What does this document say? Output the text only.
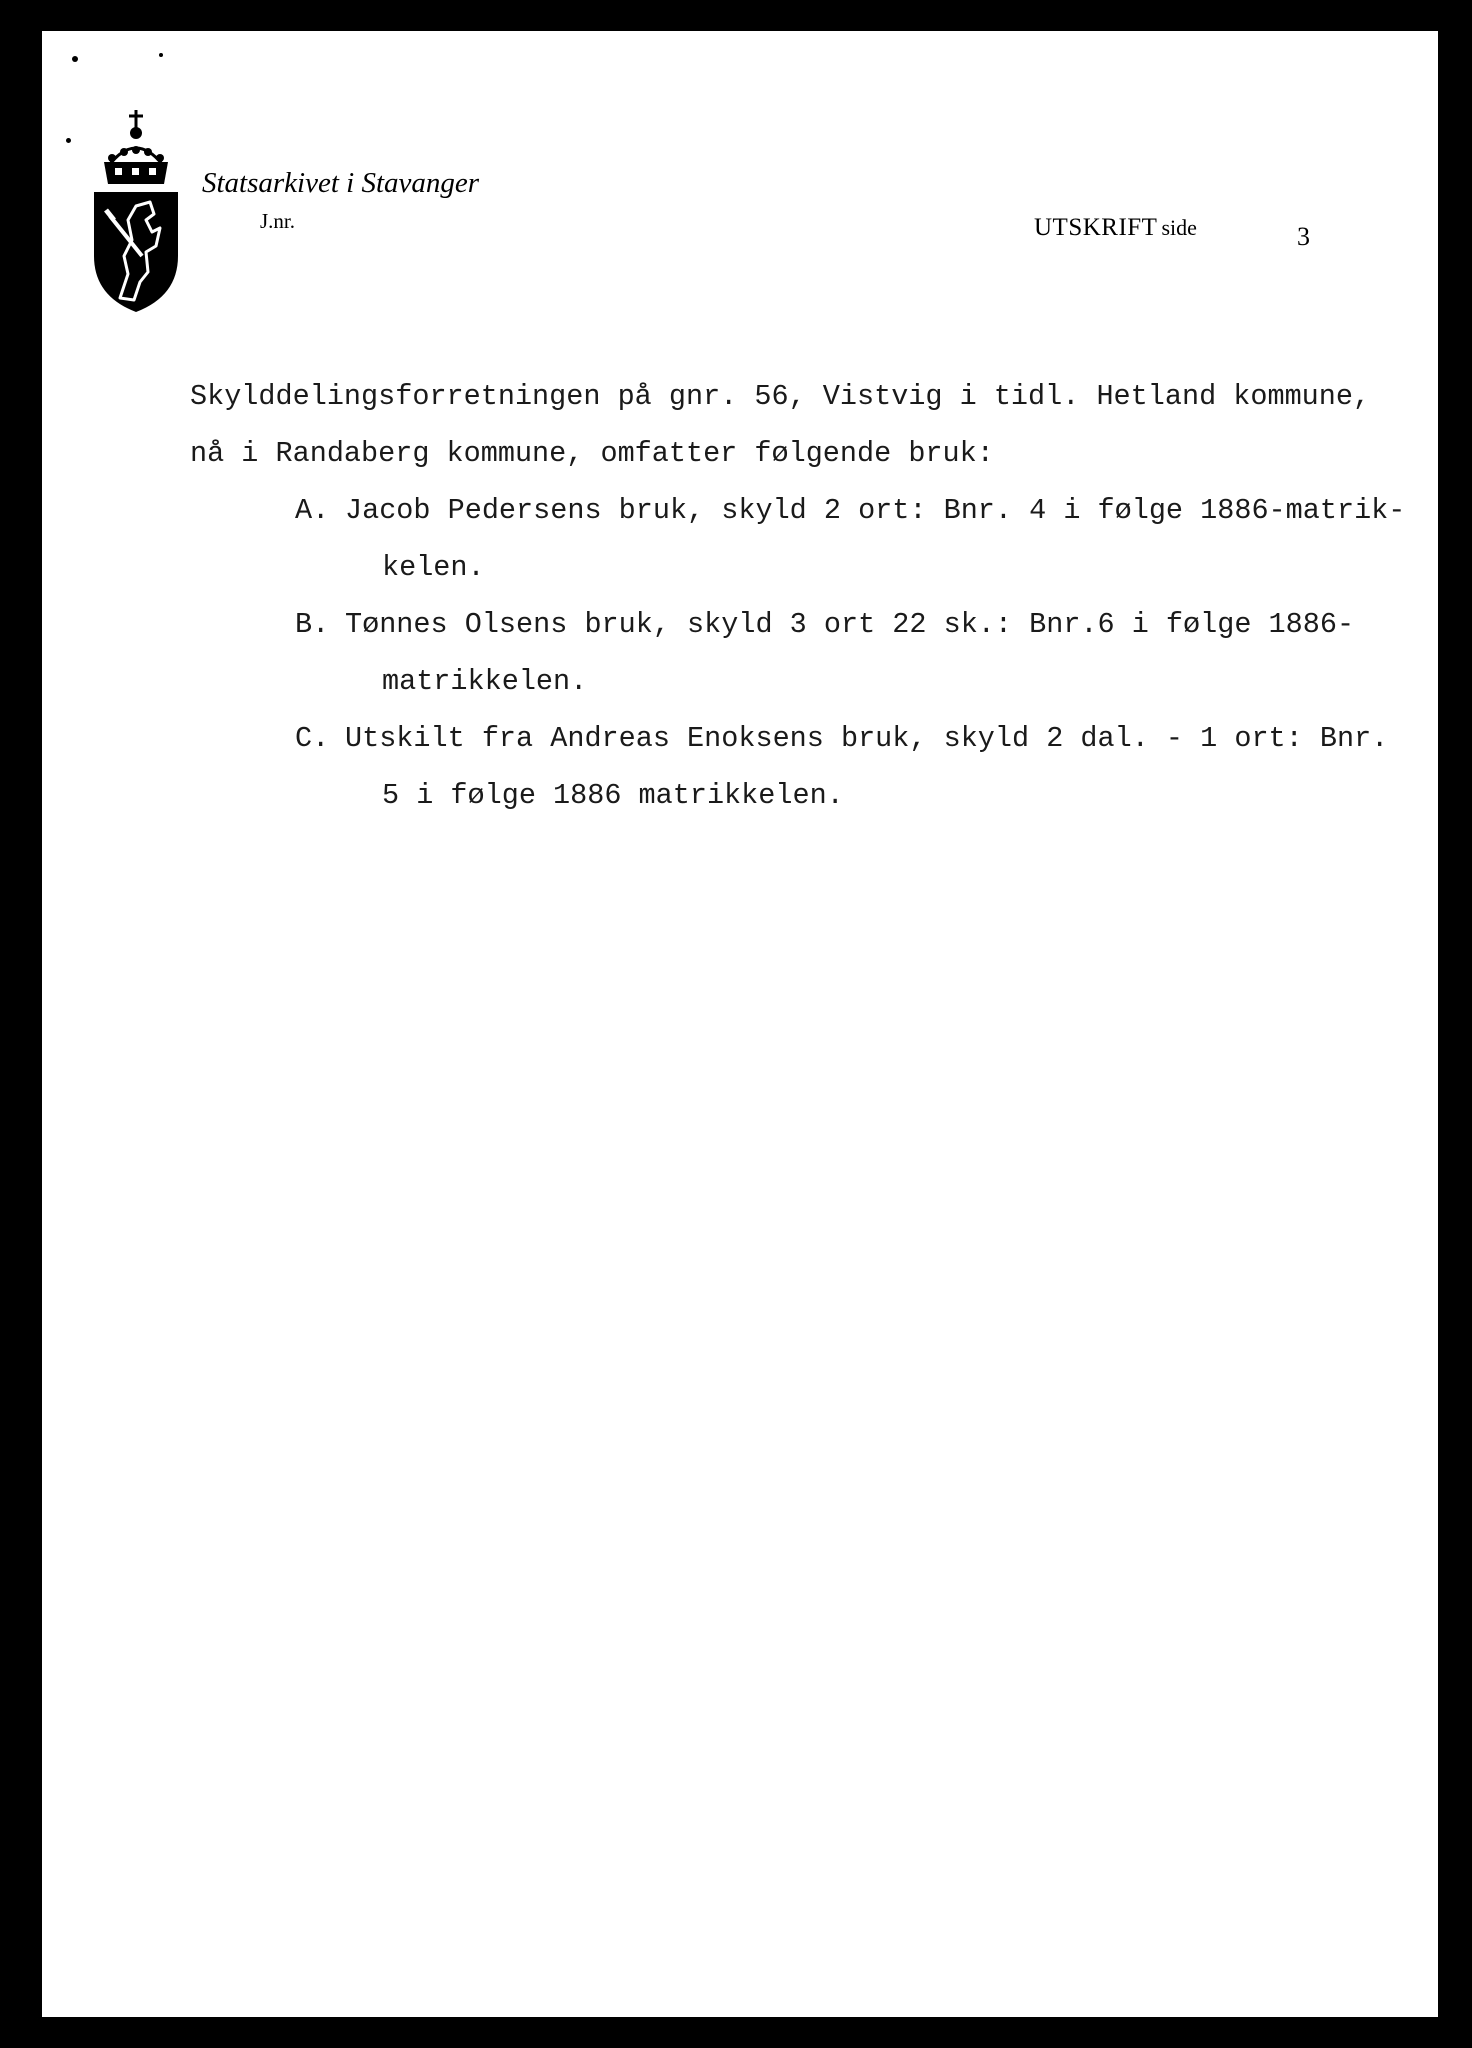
Statsarkivet i Stavanger
J.nr.	UTSKRIFT side	3
Skylddelingsforretningen på gnr. 56, Vistvig i tidl. Hetland kommune,
nå i Randaberg kommune, omfatter følgende bruk:
A. Jacob Pedersens bruk, skyld 2 ort: Bnr. 4 i følge 1886-matrik-
kelen.
B. Tønnes Olsens bruk, skyld 3 ort 22 sk.: Bnr.6 i følge 1886-
matrikkelen.
C. Utskilt fra Andreas Enoksens bruk, skyld 2 dal. - 1 ort: Bnr.
5 i følge 1886 matrikkelen.
